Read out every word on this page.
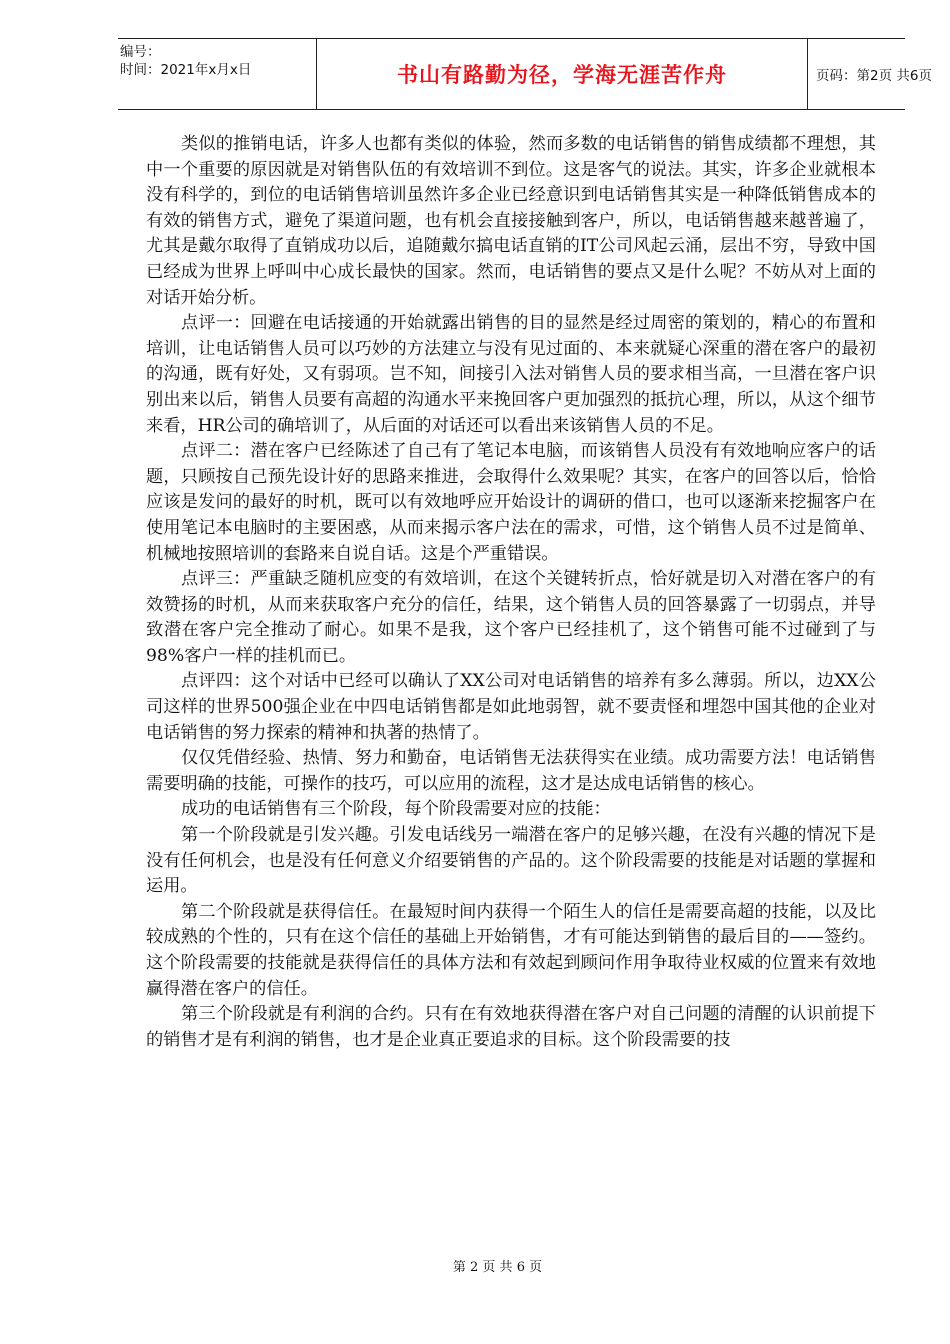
编号：
时间：2021年x月x日	书山有路勤为径，学海无涯苦作舟	页码：第2页 共6页

类似的推销电话，许多人也都有类似的体验，然而多数的电话销售的销售成绩都不理想，其中一个重要的原因就是对销售队伍的有效培训不到位。这是客气的说法。其实，许多企业就根本没有科学的，到位的电话销售培训虽然许多企业已经意识到电话销售其实是一种降低销售成本的有效的销售方式，避免了渠道问题，也有机会直接接触到客户，所以，电话销售越来越普遍了，尤其是戴尔取得了直销成功以后，追随戴尔搞电话直销的IT公司风起云涌，层出不穷，导致中国已经成为世界上呼叫中心成长最快的国家。然而，电话销售的要点又是什么呢？不妨从对上面的对话开始分析。

点评一：回避在电话接通的开始就露出销售的目的显然是经过周密的策划的，精心的布置和培训，让电话销售人员可以巧妙的方法建立与没有见过面的、本来就疑心深重的潜在客户的最初的沟通，既有好处，又有弱项。岂不知，间接引入法对销售人员的要求相当高，一旦潜在客户识别出来以后，销售人员要有高超的沟通水平来挽回客户更加强烈的抵抗心理，所以，从这个细节来看，HR公司的确培训了，从后面的对话还可以看出来该销售人员的不足。

点评二：潜在客户已经陈述了自己有了笔记本电脑，而该销售人员没有有效地响应客户的话题，只顾按自己预先设计好的思路来推进，会取得什么效果呢？其实，在客户的回答以后，恰恰应该是发问的最好的时机，既可以有效地呼应开始设计的调研的借口，也可以逐渐来挖掘客户在使用笔记本电脑时的主要困惑，从而来揭示客户法在的需求，可惜，这个销售人员不过是简单、机械地按照培训的套路来自说自话。这是个严重错误。

点评三：严重缺乏随机应变的有效培训，在这个关键转折点，恰好就是切入对潜在客户的有效赞扬的时机，从而来获取客户充分的信任，结果，这个销售人员的回答暴露了一切弱点，并导致潜在客户完全推动了耐心。如果不是我，这个客户已经挂机了，这个销售可能不过碰到了与98%客户一样的挂机而已。

点评四：这个对话中已经可以确认了XX公司对电话销售的培养有多么薄弱。所以，边XX公司这样的世界500强企业在中四电话销售都是如此地弱智，就不要责怪和埋怨中国其他的企业对电话销售的努力探索的精神和执著的热情了。

仅仅凭借经验、热情、努力和勤奋，电话销售无法获得实在业绩。成功需要方法！电话销售需要明确的技能，可操作的技巧，可以应用的流程，这才是达成电话销售的核心。

成功的电话销售有三个阶段，每个阶段需要对应的技能：

第一个阶段就是引发兴趣。引发电话线另一端潜在客户的足够兴趣，在没有兴趣的情况下是没有任何机会，也是没有任何意义介绍要销售的产品的。这个阶段需要的技能是对话题的掌握和运用。

第二个阶段就是获得信任。在最短时间内获得一个陌生人的信任是需要高超的技能，以及比较成熟的个性的，只有在这个信任的基础上开始销售，才有可能达到销售的最后目的——签约。这个阶段需要的技能就是获得信任的具体方法和有效起到顾问作用争取待业权威的位置来有效地赢得潜在客户的信任。

第三个阶段就是有利润的合约。只有在有效地获得潜在客户对自己问题的清醒的认识前提下的销售才是有利润的销售，也才是企业真正要追求的目标。这个阶段需要的技

第 2 页 共 6 页
